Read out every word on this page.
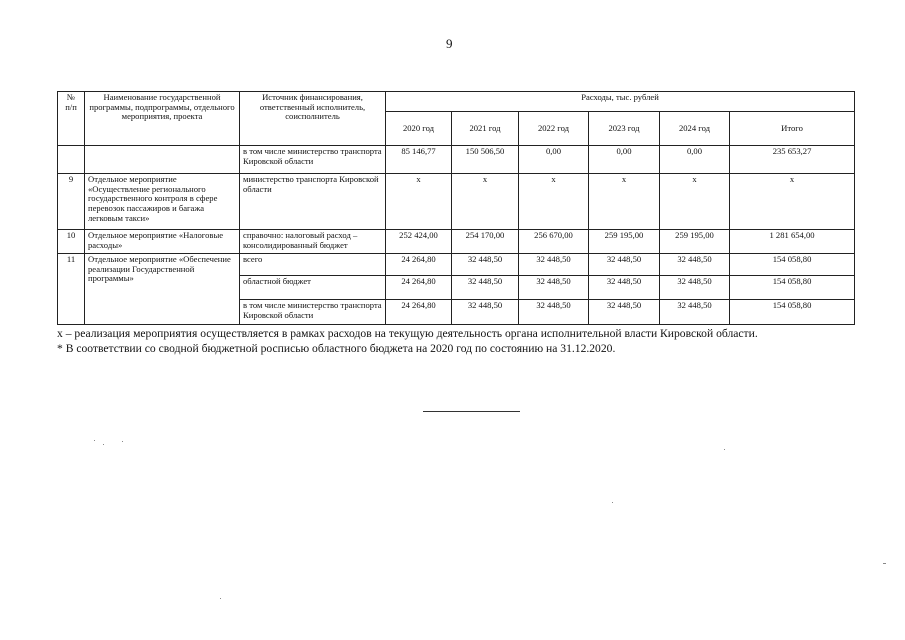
9
№
п/п	Наименование государственной программы, подпрограммы, отдельного мероприятия, проекта	Источник финансирования, ответственный исполнитель, соисполнитель	Расходы, тыс. рублей					
			2020 год	2021 год	2022 год	2023 год	2024 год	Итого
		в том числе министерство транспорта Кировской области	85 146,77	150 506,50	0,00	0,00	0,00	235 653,27
9	Отдельное мероприятие «Осуществление регионального государственного контроля в сфере перевозок пассажиров и багажа легковым такси»	министерство транспорта Кировской области	x	x	x	x	x	x
10	Отдельное мероприятие «Налоговые расходы»	справочно: налоговый расход – консолидированный бюджет	252 424,00	254 170,00	256 670,00	259 195,00	259 195,00	1 281 654,00
11	Отдельное мероприятие «Обеспечение реализации Государственной программы»	всего	24 264,80	32 448,50	32 448,50	32 448,50	32 448,50	154 058,80
		областной бюджет	24 264,80	32 448,50	32 448,50	32 448,50	32 448,50	154 058,80
		в том числе министерство транспорта Кировской области	24 264,80	32 448,50	32 448,50	32 448,50	32 448,50	154 058,80
x – реализация мероприятия осуществляется в рамках расходов на текущую деятельность органа исполнительной власти Кировской области.
* В соответствии со сводной бюджетной росписью областного бюджета на 2020 год по состоянию на 31.12.2020.
